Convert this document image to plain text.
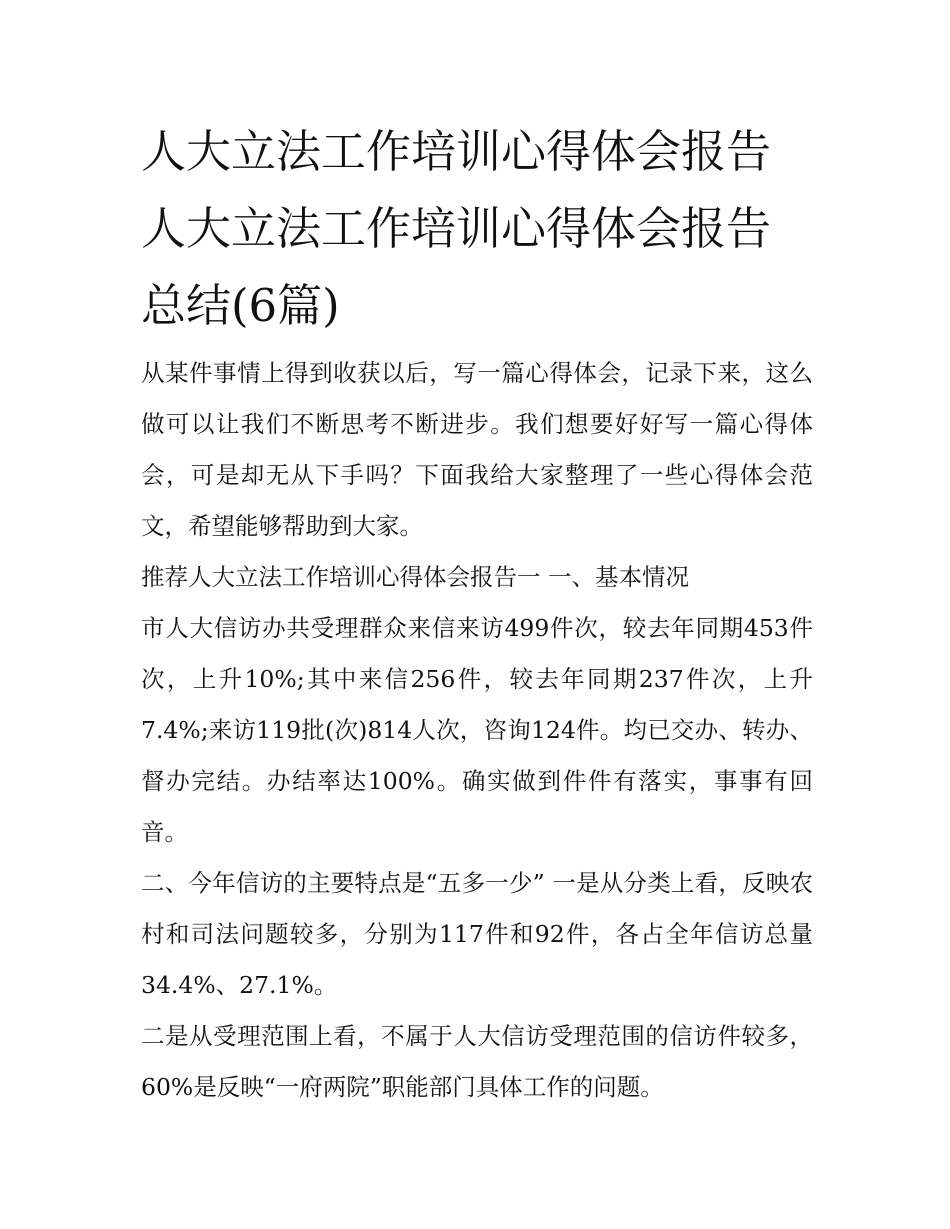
人大立法工作培训心得体会报告 人大立法工作培训心得体会报告总结(6篇)

从某件事情上得到收获以后，写一篇心得体会，记录下来，这么做可以让我们不断思考不断进步。我们想要好好写一篇心得体会，可是却无从下手吗？下面我给大家整理了一些心得体会范文，希望能够帮助到大家。

推荐人大立法工作培训心得体会报告一 一、基本情况

市人大信访办共受理群众来信来访499件次，较去年同期453件次，上升10%;其中来信256件，较去年同期237件次，上升7.4%;来访119批(次)814人次，咨询124件。均已交办、转办、督办完结。办结率达100%。确实做到件件有落实，事事有回音。

二、今年信访的主要特点是“五多一少” 一是从分类上看，反映农村和司法问题较多，分别为117件和92件，各占全年信访总量34.4%、27.1%。

二是从受理范围上看，不属于人大信访受理范围的信访件较多，60%是反映“一府两院”职能部门具体工作的问题。
